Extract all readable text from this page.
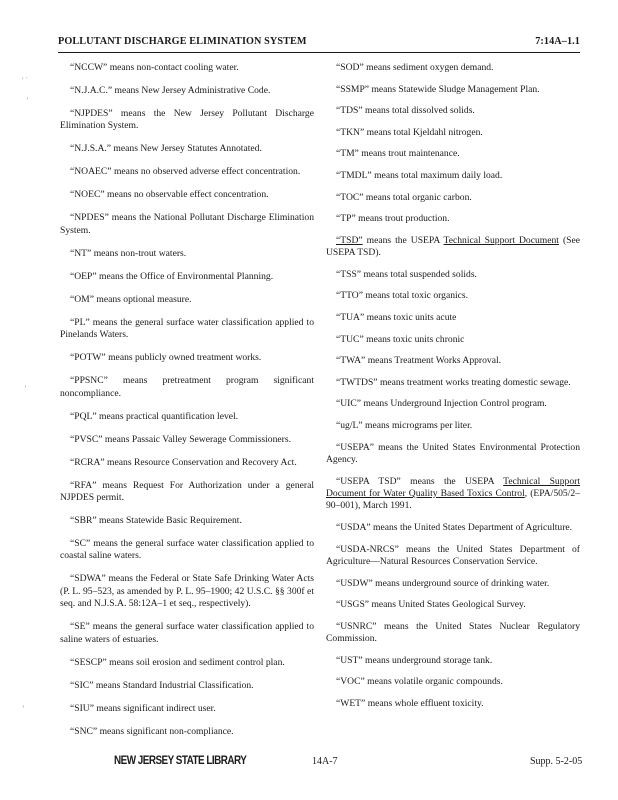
POLLUTANT DISCHARGE ELIMINATION SYSTEM	7:14A–1.1
′ `
’
’
’

“NCCW” means non-contact cooling water.

“N.J.A.C.” means New Jersey Administrative Code.

“NJPDES” means the New Jersey Pollutant Discharge Elimination System.

“N.J.S.A.” means New Jersey Statutes Annotated.

“NOAEC” means no observed adverse effect concentration.

“NOEC” means no observable effect concentration.

“NPDES” means the National Pollutant Discharge Elimination System.

“NT” means non-trout waters.

“OEP” means the Office of Environmental Planning.

“OM” means optional measure.

“PL” means the general surface water classification applied to Pinelands Waters.

“POTW” means publicly owned treatment works.

“PPSNC” means pretreatment program significant noncompliance.

“PQL” means practical quantification level.

“PVSC” means Passaic Valley Sewerage Commissioners.

“RCRA” means Resource Conservation and Recovery Act.

“RFA” means Request For Authorization under a general NJPDES permit.

“SBR” means Statewide Basic Requirement.

“SC” means the general surface water classification applied to coastal saline waters.

“SDWA” means the Federal or State Safe Drinking Water Acts (P. L. 95–523, as amended by P. L. 95–1900; 42 U.S.C. §§ 300f et seq. and N.J.S.A. 58:12A–1 et seq., respectively).

“SE” means the general surface water classification applied to saline waters of estuaries.

“SESCP” means soil erosion and sediment control plan.

“SIC” means Standard Industrial Classification.

“SIU” means significant indirect user.

“SNC” means significant non-compliance.

“SOD” means sediment oxygen demand.

“SSMP” means Statewide Sludge Management Plan.

“TDS” means total dissolved solids.

“TKN” means total Kjeldahl nitrogen.

“TM” means trout maintenance.

“TMDL” means total maximum daily load.

“TOC” means total organic carbon.

“TP” means trout production.

“TSD” means the USEPA Technical Support Document (See USEPA TSD).

“TSS” means total suspended solids.

“TTO” means total toxic organics.

“TUA” means toxic units acute

“TUC” means toxic units chronic

“TWA” means Treatment Works Approval.

“TWTDS” means treatment works treating domestic sewage.

“UIC” means Underground Injection Control program.

“ug/L” means micrograms per liter.

“USEPA” means the United States Environmental Protection Agency.

“USEPA TSD” means the USEPA Technical Support Document for Water Quality Based Toxics Control, (EPA/505/2–90–001), March 1991.

“USDA” means the United States Department of Agriculture.

“USDA-NRCS” means the United States Department of Agriculture—Natural Resources Conservation Service.

“USDW” means underground source of drinking water.

“USGS” means United States Geological Survey.

“USNRC” means the United States Nuclear Regulatory Commission.

“UST” means underground storage tank.

“VOC” means volatile organic compounds.

“WET” means whole effluent toxicity.

NEW JERSEY STATE LIBRARY	14A-7	Supp. 5-2-05
